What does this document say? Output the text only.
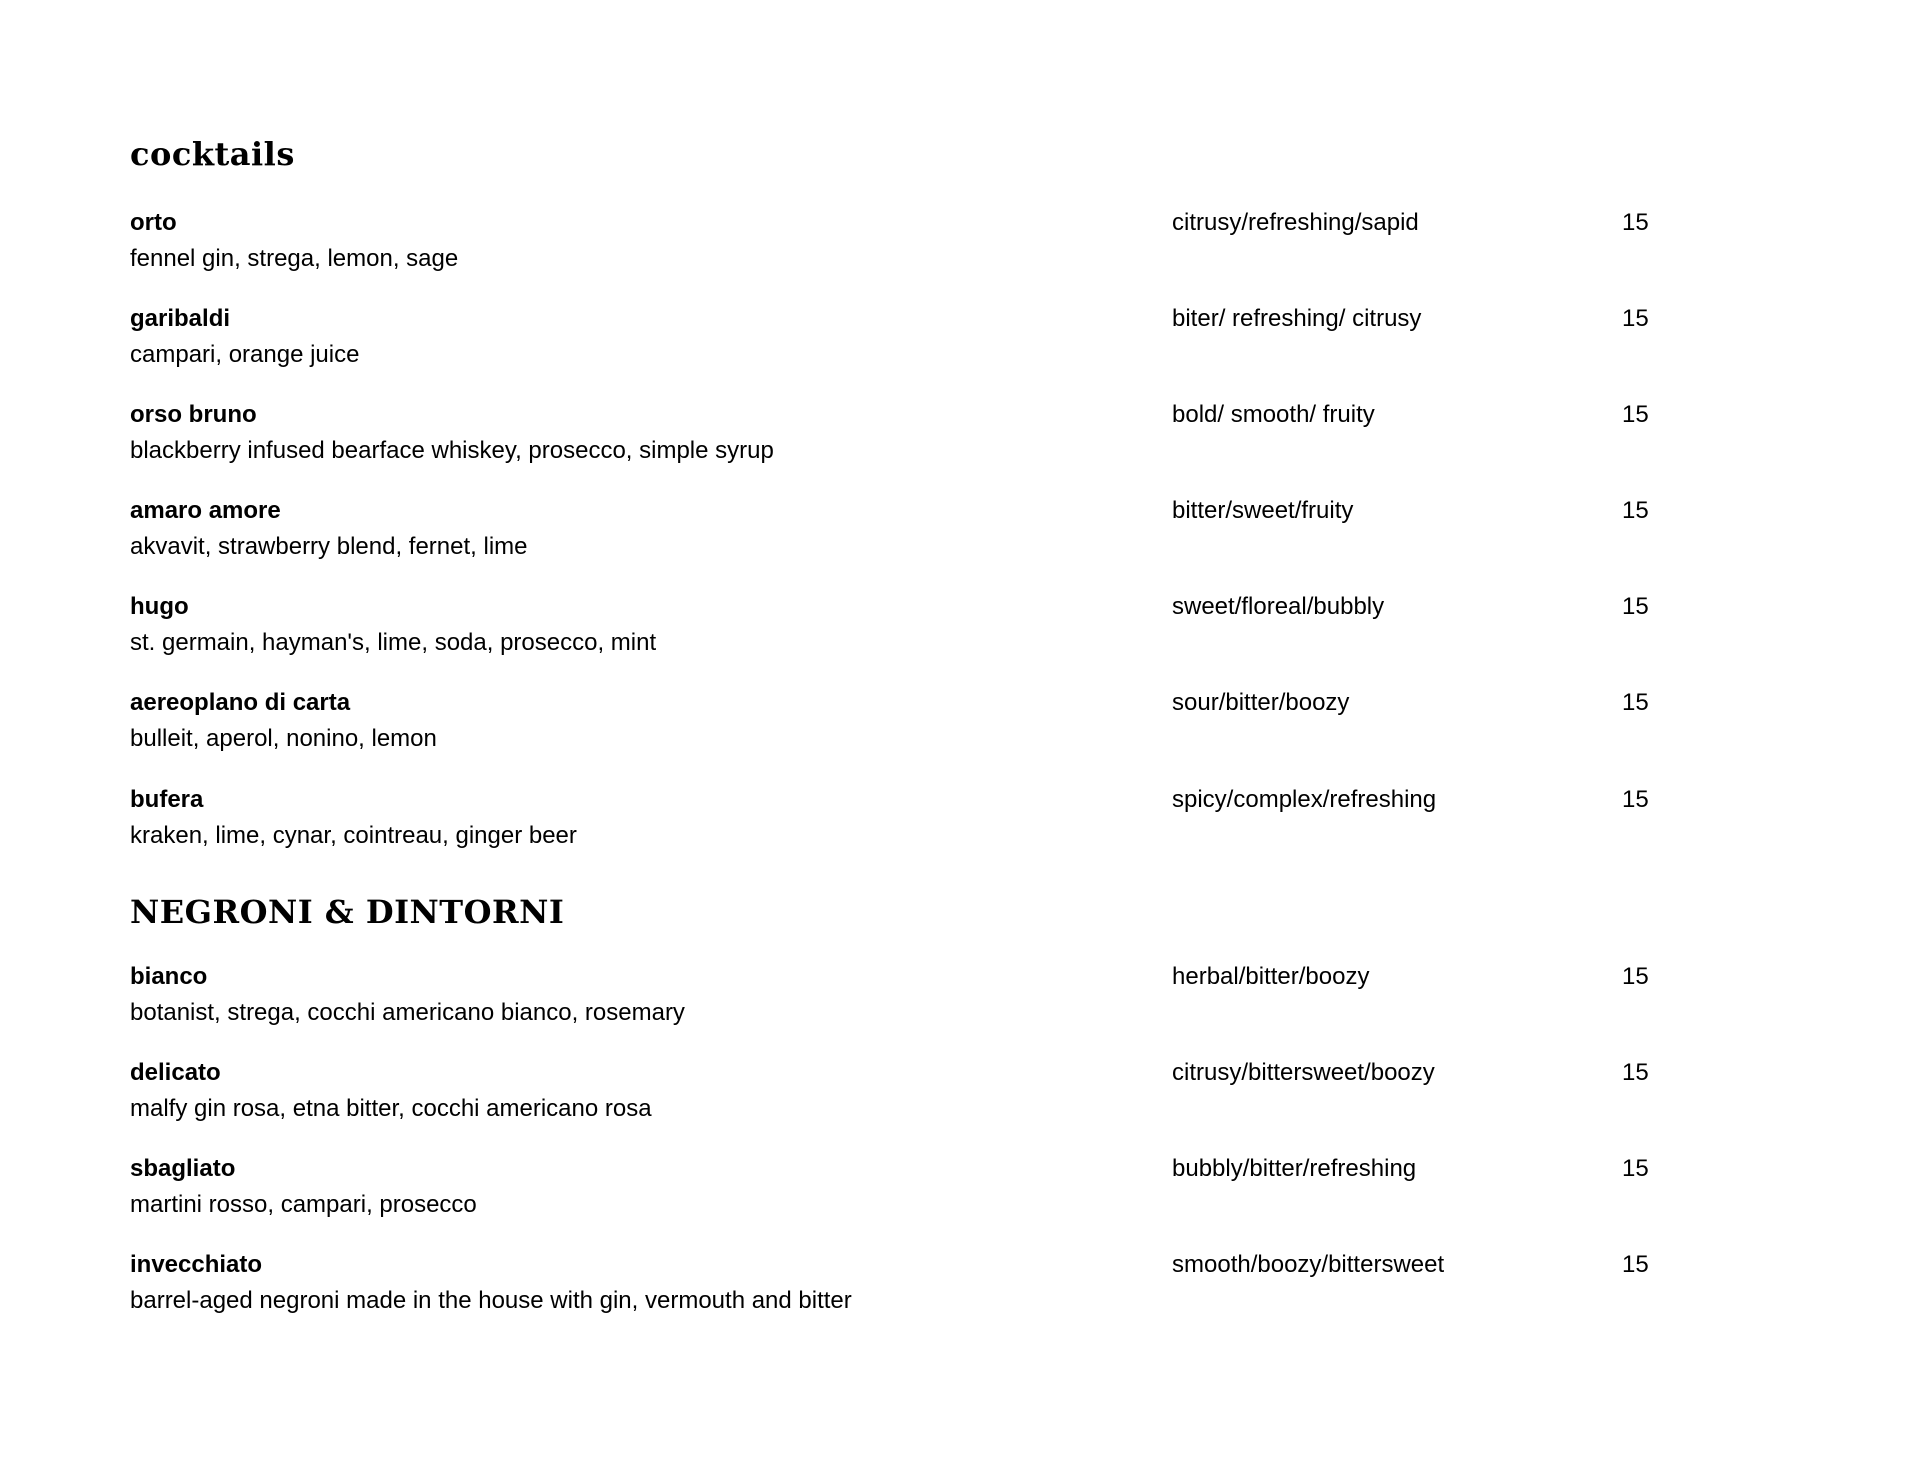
cocktails
orto
fennel gin, strega, lemon, sage
citrusy/refreshing/sapid	15
garibaldi
campari, orange juice
biter/ refreshing/ citrusy	15
orso bruno
blackberry infused bearface whiskey, prosecco, simple syrup
bold/ smooth/ fruity	15
amaro amore
akvavit, strawberry blend, fernet, lime
bitter/sweet/fruity	15
hugo
st. germain, hayman's, lime, soda, prosecco, mint
sweet/floreal/bubbly	15
aereoplano di carta
bulleit, aperol, nonino, lemon
sour/bitter/boozy	15
bufera
kraken, lime, cynar, cointreau, ginger beer
spicy/complex/refreshing	15
NEGRONI & DINTORNI
bianco
botanist, strega, cocchi americano bianco, rosemary
herbal/bitter/boozy	15
delicato
malfy gin rosa, etna bitter, cocchi americano rosa
citrusy/bittersweet/boozy	15
sbagliato
martini rosso, campari, prosecco
bubbly/bitter/refreshing	15
invecchiato
barrel-aged negroni made in the house with gin, vermouth and bitter
smooth/boozy/bittersweet	15
